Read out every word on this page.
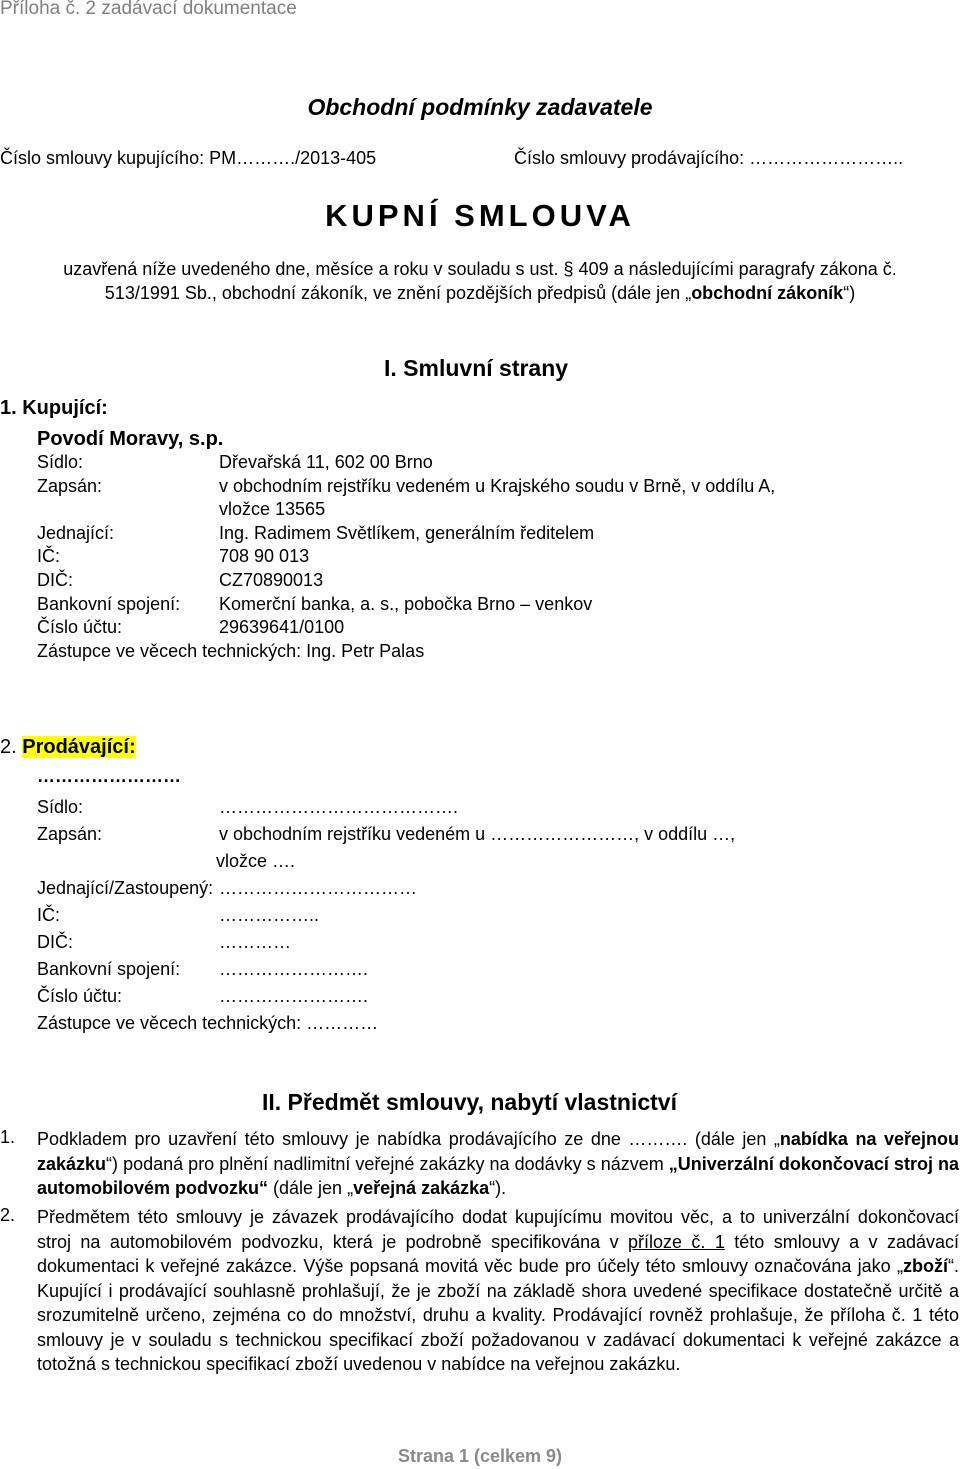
Příloha č. 2 zadávací dokumentace
Obchodní podmínky zadavatele
Číslo smlouvy kupujícího: PM………./2013-405	Číslo smlouvy prodávajícího: ……………………..
KUPNÍ SMLOUVA
uzavřená níže uvedeného dne, měsíce a roku v souladu s ust. § 409 a následujícími paragrafy zákona č.
513/1991 Sb., obchodní zákoník, ve znění pozdějších předpisů (dále jen „obchodní zákoník“)
I. Smluvní strany
1. Kupující:
Povodí Moravy, s.p.
Sídlo:	Dřevařská 11, 602 00 Brno
Zapsán:	v obchodním rejstříku vedeném u Krajského soudu v Brně, v oddílu A,
vložce 13565
Jednající:	Ing. Radimem Světlíkem, generálním ředitelem
IČ:	708 90 013
DIČ:	CZ70890013
Bankovní spojení: Komerční banka, a. s., pobočka Brno – venkov
Číslo účtu:	29639641/0100
Zástupce ve věcech technických: Ing. Petr Palas
2. Prodávající:
……………………
Sídlo:	………………………………….
Zapsán:	v obchodním rejstříku vedeném u ……………………, v oddílu …,
vložce ….
Jednající/Zastoupený: ……………………………
IČ:	……………..
DIČ:	…………
Bankovní spojení: …………………….
Číslo účtu:	…………………….
Zástupce ve věcech technických: …………
II. Předmět smlouvy, nabytí vlastnictví
1. Podkladem pro uzavření této smlouvy je nabídka prodávajícího ze dne ………. (dále jen „nabídka na veřejnou zakázku“) podaná pro plnění nadlimitní veřejné zakázky na dodávky s názvem „Univerzální dokončovací stroj na automobilovém podvozku“ (dále jen „veřejná zakázka“).
2. Předmětem této smlouvy je závazek prodávajícího dodat kupujícímu movitou věc, a to univerzální dokončovací stroj na automobilovém podvozku, která je podrobně specifikována v příloze č. 1 této smlouvy a v zadávací dokumentaci k veřejné zakázce. Výše popsaná movitá věc bude pro účely této smlouvy označována jako „zboží“. Kupující i prodávající souhlasně prohlašují, že je zboží na základě shora uvedené specifikace dostatečně určitě a srozumitelně určeno, zejména co do množství, druhu a kvality. Prodávající rovněž prohlašuje, že příloha č. 1 této smlouvy je v souladu s technickou specifikací zboží požadovanou v zadávací dokumentaci k veřejné zakázce a totožná s technickou specifikací zboží uvedenou v nabídce na veřejnou zakázku.
Strana 1 (celkem 9)
